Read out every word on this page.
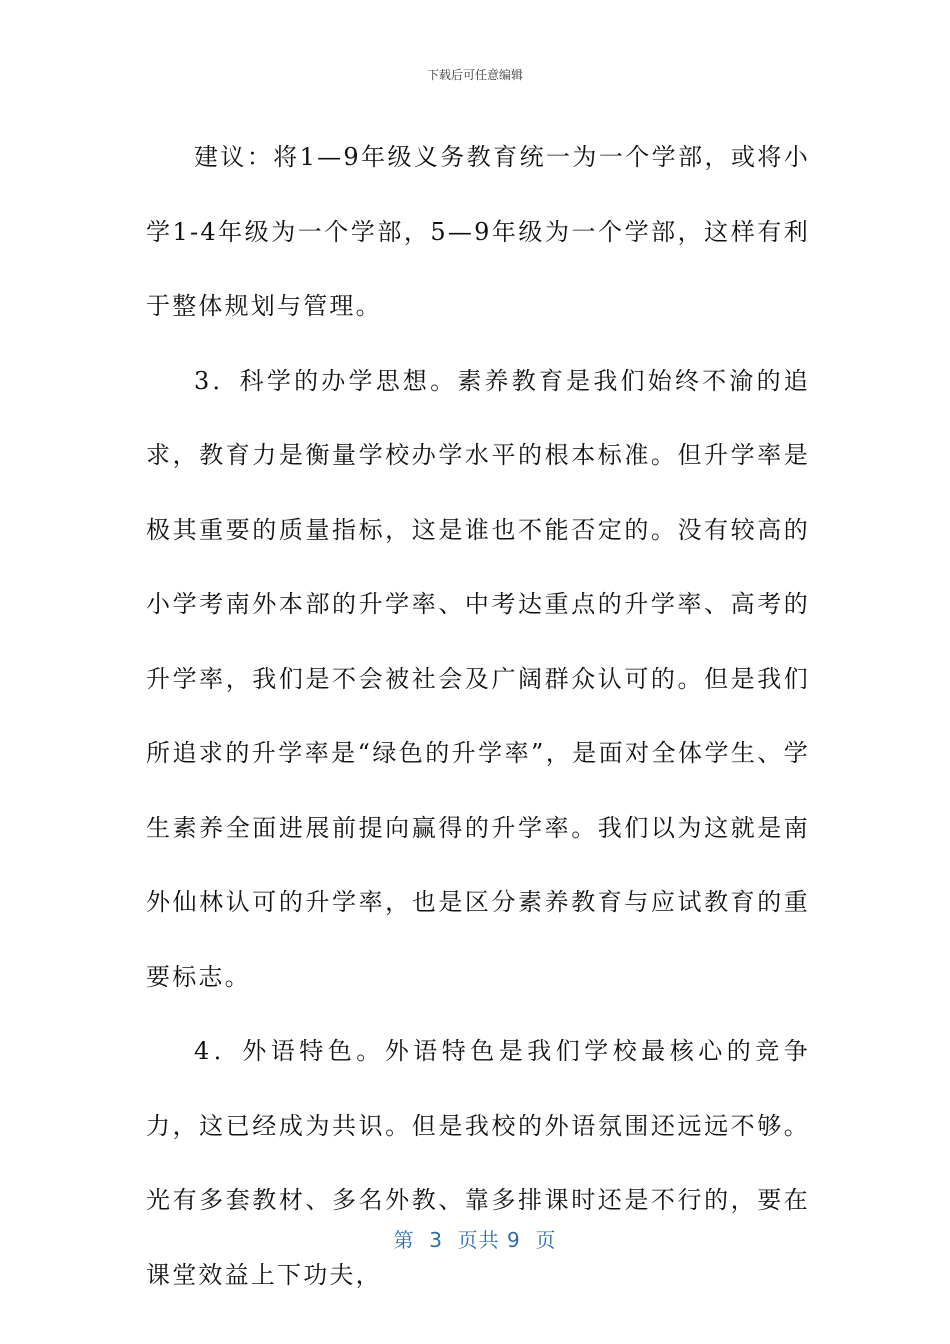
下载后可任意编辑

建议：将1—9年级义务教育统一为一个学部，或将小学1-4年级为一个学部，5—9年级为一个学部，这样有利于整体规划与管理。

3．科学的办学思想。素养教育是我们始终不渝的追求，教育力是衡量学校办学水平的根本标准。但升学率是极其重要的质量指标，这是谁也不能否定的。没有较高的小学考南外本部的升学率、中考达重点的升学率、高考的升学率，我们是不会被社会及广阔群众认可的。但是我们所追求的升学率是“绿色的升学率”，是面对全体学生、学生素养全面进展前提向赢得的升学率。我们以为这就是南外仙林认可的升学率，也是区分素养教育与应试教育的重要标志。

4．外语特色。外语特色是我们学校最核心的竞争力，这已经成为共识。但是我校的外语氛围还远远不够。光有多套教材、多名外教、靠多排课时还是不行的，要在课堂效益上下功夫，

第  3  页共 9  页
